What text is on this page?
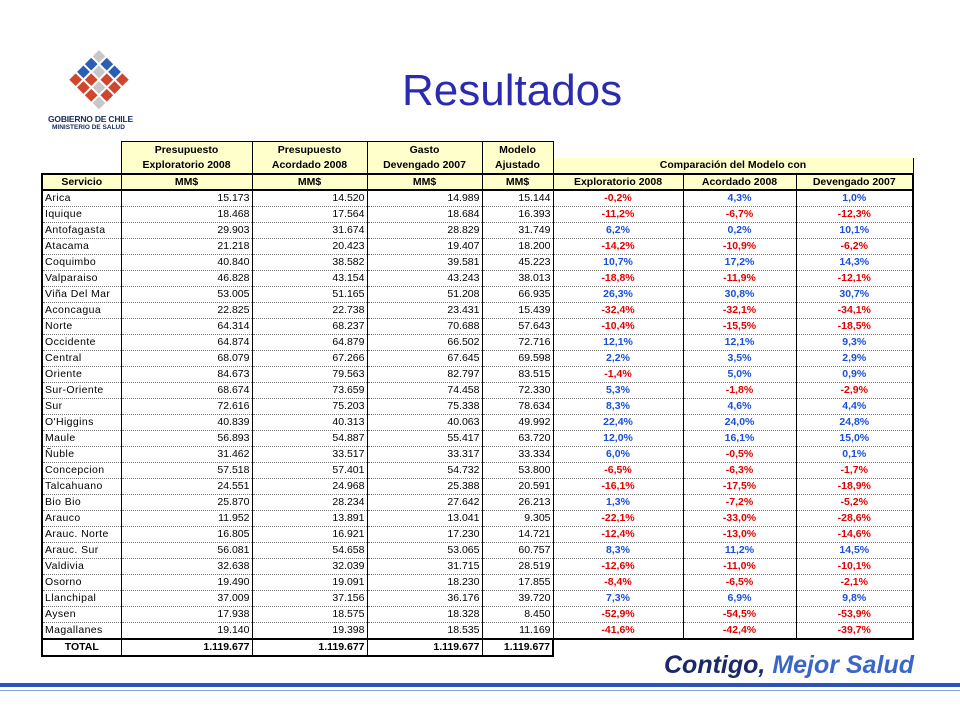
Resultados
GOBIERNO DE CHILE
MINISTERIO DE SALUD
	Presupuesto	Presupuesto	Gasto	Modelo			
	Exploratorio 2008	Acordado 2008	Devengado 2007	Ajustado	Comparación del Modelo con		
Servicio	MM$	MM$	MM$	MM$	Exploratorio 2008	Acordado 2008	Devengado 2007
Arica	15.173	14.520	14.989	15.144	-0,2%	4,3%	1,0%
Iquique	18.468	17.564	18.684	16.393	-11,2%	-6,7%	-12,3%
Antofagasta	29.903	31.674	28.829	31.749	6,2%	0,2%	10,1%
Atacama	21.218	20.423	19.407	18.200	-14,2%	-10,9%	-6,2%
Coquimbo	40.840	38.582	39.581	45.223	10,7%	17,2%	14,3%
Valparaiso	46.828	43.154	43.243	38.013	-18,8%	-11,9%	-12,1%
Viña Del Mar	53.005	51.165	51.208	66.935	26,3%	30,8%	30,7%
Aconcagua	22.825	22.738	23.431	15.439	-32,4%	-32,1%	-34,1%
Norte	64.314	68.237	70.688	57.643	-10,4%	-15,5%	-18,5%
Occidente	64.874	64.879	66.502	72.716	12,1%	12,1%	9,3%
Central	68.079	67.266	67.645	69.598	2,2%	3,5%	2,9%
Oriente	84.673	79.563	82.797	83.515	-1,4%	5,0%	0,9%
Sur-Oriente	68.674	73.659	74.458	72.330	5,3%	-1,8%	-2,9%
Sur	72.616	75.203	75.338	78.634	8,3%	4,6%	4,4%
O'Higgins	40.839	40.313	40.063	49.992	22,4%	24,0%	24,8%
Maule	56.893	54.887	55.417	63.720	12,0%	16,1%	15,0%
Ñuble	31.462	33.517	33.317	33.334	6,0%	-0,5%	0,1%
Concepcion	57.518	57.401	54.732	53.800	-6,5%	-6,3%	-1,7%
Talcahuano	24.551	24.968	25.388	20.591	-16,1%	-17,5%	-18,9%
Bio Bio	25.870	28.234	27.642	26.213	1,3%	-7,2%	-5,2%
Arauco	11.952	13.891	13.041	9.305	-22,1%	-33,0%	-28,6%
Arauc. Norte	16.805	16.921	17.230	14.721	-12,4%	-13,0%	-14,6%
Arauc. Sur	56.081	54.658	53.065	60.757	8,3%	11,2%	14,5%
Valdivia	32.638	32.039	31.715	28.519	-12,6%	-11,0%	-10,1%
Osorno	19.490	19.091	18.230	17.855	-8,4%	-6,5%	-2,1%
Llanchipal	37.009	37.156	36.176	39.720	7,3%	6,9%	9,8%
Aysen	17.938	18.575	18.328	8.450	-52,9%	-54,5%	-53,9%
Magallanes	19.140	19.398	18.535	11.169	-41,6%	-42,4%	-39,7%
TOTAL	1.119.677	1.119.677	1.119.677	1.119.677			
Contigo, Mejor Salud
